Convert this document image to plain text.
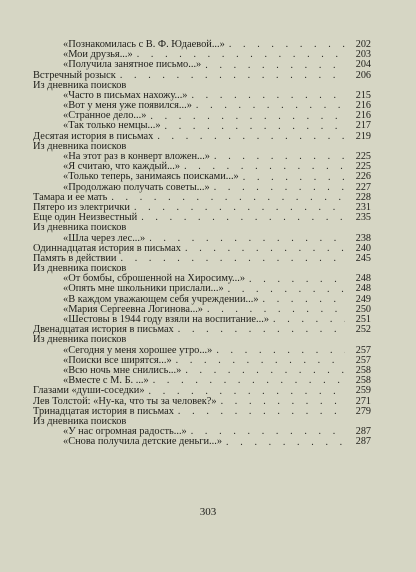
«Познакомилась с В. Ф. Юдаевой...» . . .	202
«Мои друзья...» . . .	203
«Получила занятное письмо...» . . .	204
Встречный розыск . . .	206
Из дневника поисков
«Часто в письмах нахожу...» . . .	215
«Вот у меня уже появился...» . . .	216
«Странное дело...» . . .	216
«Так только немцы...» . . .	217
Десятая история в письмах . . .	219
Из дневника поисков
«На этот раз в конверт вложен...» . . .	225
«Я считаю, что каждый...» . . .	225
«Только теперь, занимаясь поисками...» . . .	226
«Продолжаю получать советы...» . . .	227
Тамара и ее мать . . .	228
Пятеро из электрички . . .	231
Еще один Неизвестный . . .	235
Из дневника поисков
«Шла через лес...» . . .	238
Одиннадцатая история в письмах . . .	240
Память в действии . . .	245
Из дневника поисков
«От бомбы, сброшенной на Хиросиму...» . . .	248
«Опять мне школьники прислали...» . . .	248
«В каждом уважающем себя учреждении...» . . .	249
«Мария Сергеевна Логинова...» . . .	250
«Шестовы в 1944 году взяли на воспитание...» . . .	251
Двенадцатая история в письмах . . .	252
Из дневника поисков
«Сегодня у меня хорошее утро...» . . .	257
«Поиски все ширятся...» . . .	257
«Всю ночь мне снились...» . . .	258
«Вместе с М. Б. ...» . . .	258
Глазами «души-соседки» . . .	259
Лев Толстой: «Ну-ка, что ты за человек?» . . .	271
Тринадцатая история в письмах . . .	279
Из дневника поисков
«У нас огромная радость...» . . .	287
«Снова получила детские деньги...» . . .	287
303
